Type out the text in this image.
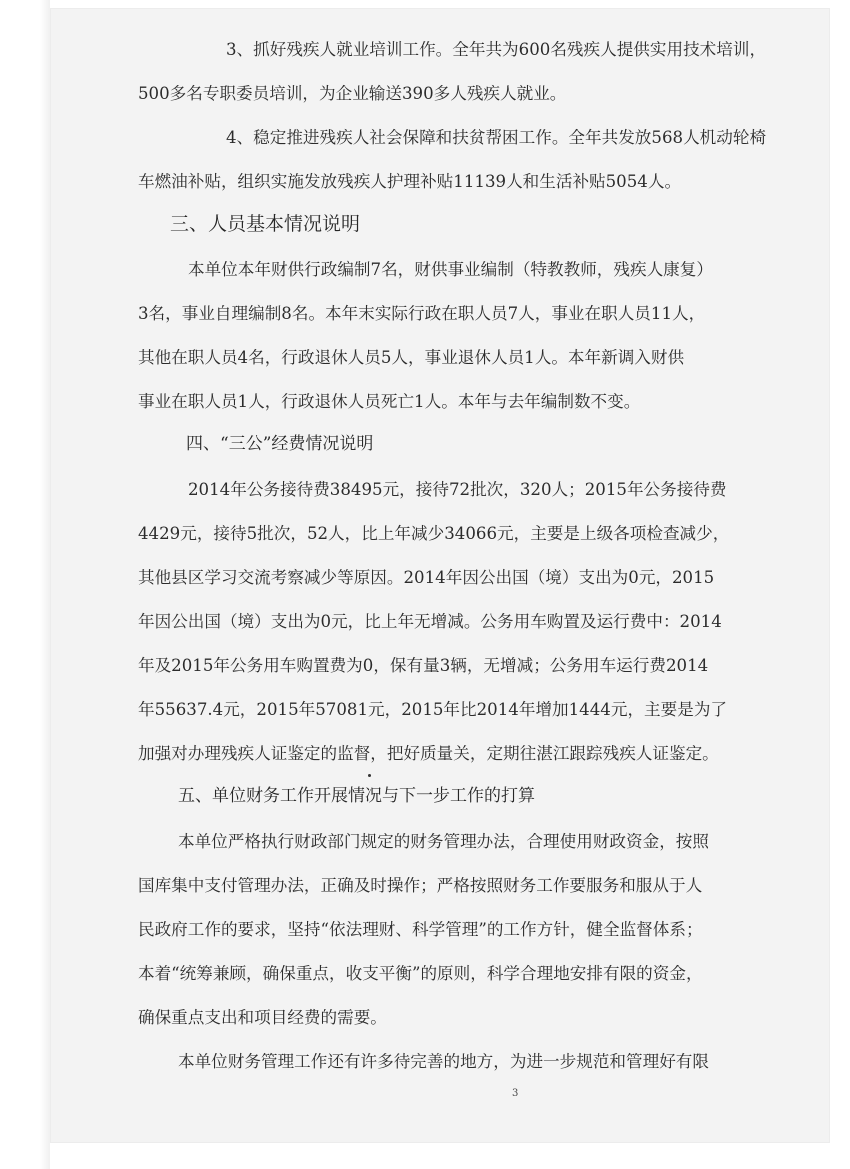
3、抓好残疾人就业培训工作。全年共为600名残疾人提供实用技术培训，
500多名专职委员培训，为企业输送390多人残疾人就业。
4、稳定推进残疾人社会保障和扶贫帮困工作。全年共发放568人机动轮椅
车燃油补贴，组织实施发放残疾人护理补贴11139人和生活补贴5054人。
三、人员基本情况说明
本单位本年财供行政编制7名，财供事业编制（特教教师，残疾人康复）
3名，事业自理编制8名。本年末实际行政在职人员7人，事业在职人员11人，
其他在职人员4名，行政退休人员5人，事业退休人员1人。本年新调入财供
事业在职人员1人，行政退休人员死亡1人。本年与去年编制数不变。
四、“三公”经费情况说明
2014年公务接待费38495元，接待72批次，320人；2015年公务接待费
4429元，接待5批次，52人，比上年减少34066元，主要是上级各项检查减少，
其他县区学习交流考察减少等原因。2014年因公出国（境）支出为0元，2015
年因公出国（境）支出为0元，比上年无增减。公务用车购置及运行费中：2014
年及2015年公务用车购置费为0，保有量3辆，无增减；公务用车运行费2014
年55637.4元，2015年57081元，2015年比2014年增加1444元，主要是为了
加强对办理残疾人证鉴定的监督，把好质量关，定期往湛江跟踪残疾人证鉴定。
五、单位财务工作开展情况与下一步工作的打算
本单位严格执行财政部门规定的财务管理办法，合理使用财政资金，按照
国库集中支付管理办法，正确及时操作；严格按照财务工作要服务和服从于人
民政府工作的要求，坚持“依法理财、科学管理”的工作方针，健全监督体系；
本着“统筹兼顾，确保重点，收支平衡”的原则，科学合理地安排有限的资金，
确保重点支出和项目经费的需要。
本单位财务管理工作还有许多待完善的地方，为进一步规范和管理好有限
3
